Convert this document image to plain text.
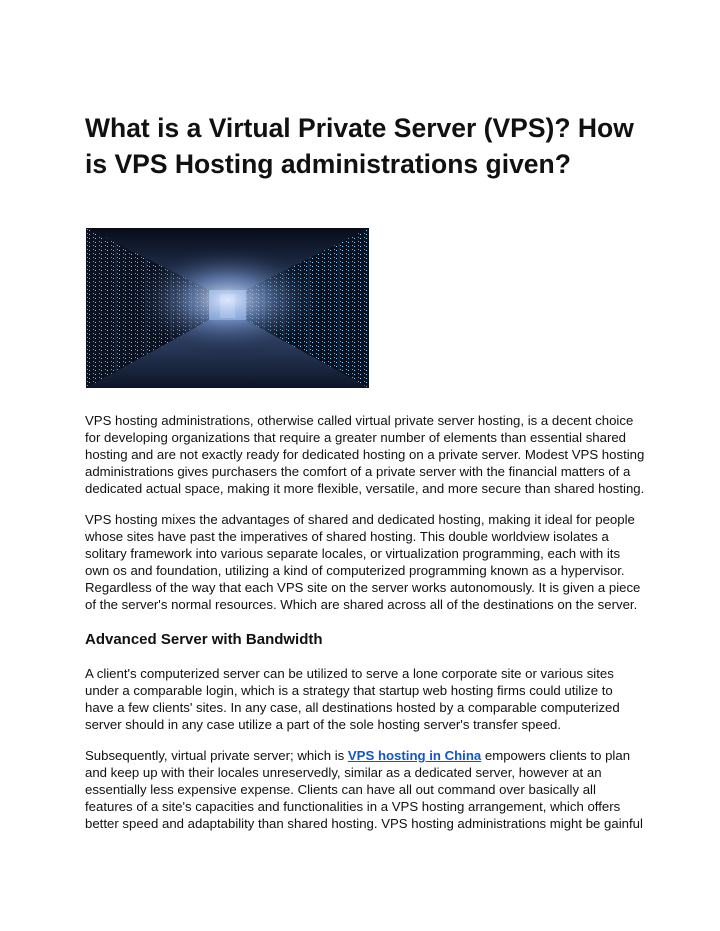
What is a Virtual Private Server (VPS)? How is VPS Hosting administrations given?

VPS hosting administrations, otherwise called virtual private server hosting, is a decent choice for developing organizations that require a greater number of elements than essential shared hosting and are not exactly ready for dedicated hosting on a private server. Modest VPS hosting administrations gives purchasers the comfort of a private server with the financial matters of a dedicated actual space, making it more flexible, versatile, and more secure than shared hosting.

VPS hosting mixes the advantages of shared and dedicated hosting, making it ideal for people whose sites have past the imperatives of shared hosting. This double worldview isolates a solitary framework into various separate locales, or virtualization programming, each with its own os and foundation, utilizing a kind of computerized programming known as a hypervisor. Regardless of the way that each VPS site on the server works autonomously. It is given a piece of the server's normal resources. Which are shared across all of the destinations on the server.

Advanced Server with Bandwidth

A client's computerized server can be utilized to serve a lone corporate site or various sites under a comparable login, which is a strategy that startup web hosting firms could utilize to have a few clients' sites. In any case, all destinations hosted by a comparable computerized server should in any case utilize a part of the sole hosting server's transfer speed.

Subsequently, virtual private server; which is VPS hosting in China empowers clients to plan and keep up with their locales unreservedly, similar as a dedicated server, however at an essentially less expensive expense. Clients can have all out command over basically all features of a site's capacities and functionalities in a VPS hosting arrangement, which offers better speed and adaptability than shared hosting. VPS hosting administrations might be gainful
